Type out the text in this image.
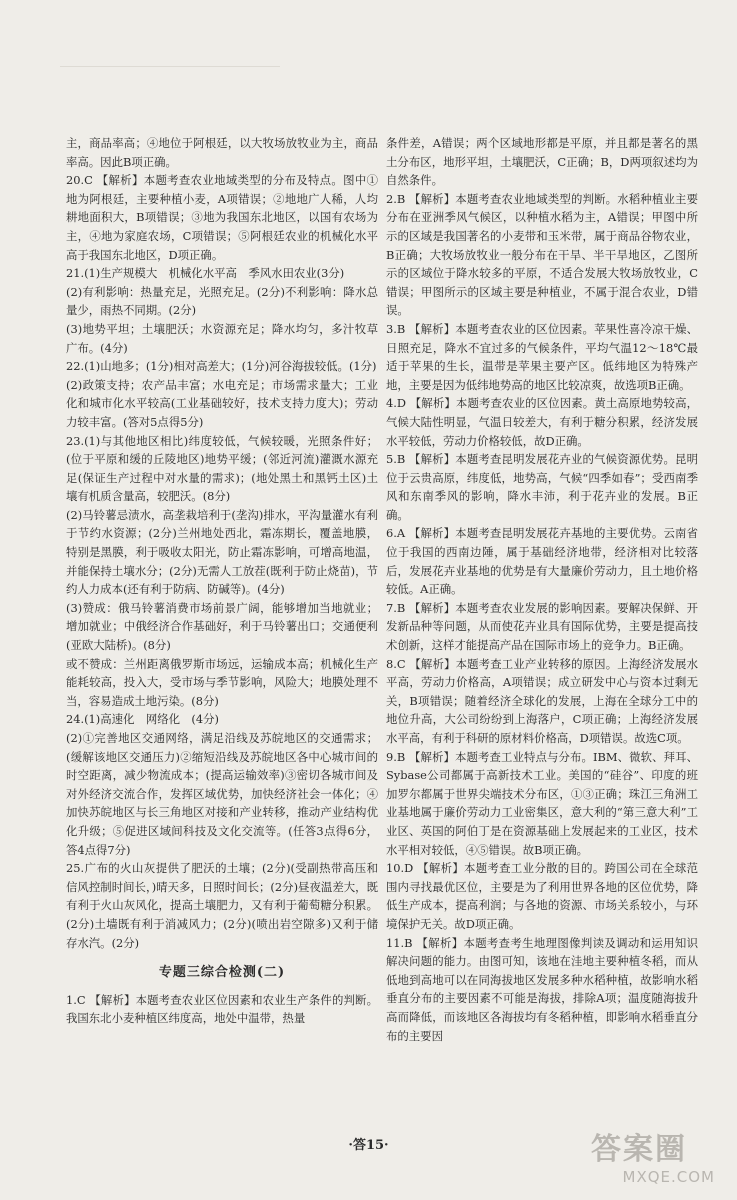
主，商品率高；④地位于阿根廷，以大牧场放牧业为主，商品率高。因此B项正确。

20.C 【解析】本题考查农业地域类型的分布及特点。图中①地为阿根廷，主要种植小麦，A项错误；②地地广人稀，人均耕地面积大，B项错误；③地为我国东北地区，以国有农场为主，④地为家庭农场，C项错误；⑤阿根廷农业的机械化水平高于我国东北地区，D项正确。

21.(1)生产规模大　机械化水平高　季风水田农业(3分)

(2)有利影响：热量充足，光照充足。(2分)不利影响：降水总量少，雨热不同期。(2分)

(3)地势平坦；土壤肥沃；水资源充足；降水均匀，多汁牧草广布。(4分)

22.(1)山地多；(1分)相对高差大；(1分)河谷海拔较低。(1分)

(2)政策支持；农产品丰富；水电充足；市场需求量大；工业化和城市化水平较高(工业基础较好，技术支持力度大)；劳动力较丰富。(答对5点得5分)

23.(1)与其他地区相比)纬度较低，气候较暖，光照条件好；(位于平原和缓的丘陵地区)地势平缓；(邻近河流)灌溉水源充足(保证生产过程中对水量的需求)；(地处黑土和黑钙土区)土壤有机质含量高，较肥沃。(8分)

(2)马铃薯忌渍水，高垄栽培利于(垄沟)排水，平沟量灌水有利于节约水资源；(2分)兰州地处西北，霜冻期长，覆盖地膜，特别是黑膜，利于吸收太阳光，防止霜冻影响，可增高地温，并能保持土壤水分；(2分)无需人工放茬(既利于防止烧苗)，节约人力成本(还有利于防病、防碱等)。(4分)

(3)赞成：俄马铃薯消费市场前景广阔，能够增加当地就业；增加就业；中俄经济合作基础好，利于马铃薯出口；交通便利(亚欧大陆桥)。(8分)

或不赞成：兰州距离俄罗斯市场远，运输成本高；机械化生产能耗较高，投入大，受市场与季节影响，风险大；地膜处理不当，容易造成土地污染。(8分)

24.(1)高速化　网络化　(4分)

(2)①完善地区交通网络，满足沿线及苏皖地区的交通需求；(缓解该地区交通压力)②缩短沿线及苏皖地区各中心城市间的时空距离，减少物流成本；(提高运输效率)③密切各城市间及对外经济交流合作，发挥区域优势，加快经济社会一体化；④加快苏皖地区与长三角地区对接和产业转移，推动产业结构优化升级；⑤促进区域间科技及文化交流等。(任答3点得6分，答4点得7分)

25.广布的火山灰提供了肥沃的土壤；(2分)(受副热带高压和信风控制时间长，)晴天多，日照时间长；(2分)昼夜温差大，既有利于火山灰风化，提高土壤肥力，又有利于葡萄糖分积累。(2分)土墙既有利于消减风力；(2分)(喷出岩空隙多)又利于储存水汽。(2分)

专题三综合检测(二)

1.C 【解析】本题考查农业区位因素和农业生产条件的判断。我国东北小麦种植区纬度高，地处中温带，热量

条件差，A错误；两个区域地形都是平原，并且都是著名的黑土分布区，地形平坦，土壤肥沃，C正确；B，D两项叙述均为自然条件。

2.B 【解析】本题考查农业地域类型的判断。水稻种植业主要分布在亚洲季风气候区，以种植水稻为主，A错误；甲图中所示的区域是我国著名的小麦带和玉米带，属于商品谷物农业，B正确；大牧场放牧业一般分布在干旱、半干旱地区，乙图所示的区域位于降水较多的平原，不适合发展大牧场放牧业，C错误；甲图所示的区域主要是种植业，不属于混合农业，D错误。

3.B 【解析】本题考查农业的区位因素。苹果性喜冷凉干燥、日照充足，降水不宜过多的气候条件，平均气温12～18℃最适于苹果的生长，温带是苹果主要产区。低纬地区为特殊产地，主要是因为低纬地势高的地区比较凉爽，故选项B正确。

4.D 【解析】本题考查农业的区位因素。黄土高原地势较高，气候大陆性明显，气温日较差大，有利于糖分积累，经济发展水平较低，劳动力价格较低，故D正确。

5.B 【解析】本题考查昆明发展花卉业的气候资源优势。昆明位于云贵高原，纬度低，地势高，气候“四季如春”；受西南季风和东南季风的影响，降水丰沛，利于花卉业的发展。B正确。

6.A 【解析】本题考查昆明发展花卉基地的主要优势。云南省位于我国的西南边陲，属于基础经济地带，经济相对比较落后，发展花卉业基地的优势是有大量廉价劳动力，且土地价格较低。A正确。

7.B 【解析】本题考查农业发展的影响因素。要解决保鲜、开发新品种等问题，从而使花卉业具有国际优势，主要是提高技术创新，这样才能提高产品在国际市场上的竞争力。B正确。

8.C 【解析】本题考查工业产业转移的原因。上海经济发展水平高，劳动力价格高，A项错误；成立研发中心与资本过剩无关，B项错误；随着经济全球化的发展，上海在全球分工中的地位升高，大公司纷纷到上海落户，C项正确；上海经济发展水平高，有利于科研的原材料价格高，D项错误。故选C项。

9.B 【解析】本题考查工业特点与分布。IBM、微软、拜耳、Sybase公司都属于高新技术工业。美国的“硅谷”、印度的班加罗尔都属于世界尖端技术分布区，①③正确；珠江三角洲工业基地属于廉价劳动力工业密集区，意大利的“第三意大利”工业区、英国的阿伯丁是在资源基础上发展起来的工业区，技术水平相对较低，④⑤错误。故B项正确。

10.D 【解析】本题考查工业分散的目的。跨国公司在全球范围内寻找最优区位，主要是为了利用世界各地的区位优势，降低生产成本，提高利润；与各地的资源、市场关系较小，与环境保护无关。故D项正确。

11.B 【解析】本题考查考生地理图像判读及调动和运用知识解决问题的能力。由图可知，该地在洼地主要种植冬稻，而从低地到高地可以在同海拔地区发展多种水稻种植，故影响水稻垂直分布的主要因素不可能是海拔，排除A项；温度随海拔升高而降低，而该地区各海拔均有冬稻种植，即影响水稻垂直分布的主要因

·答15·	答案圈
MXQE.COM
